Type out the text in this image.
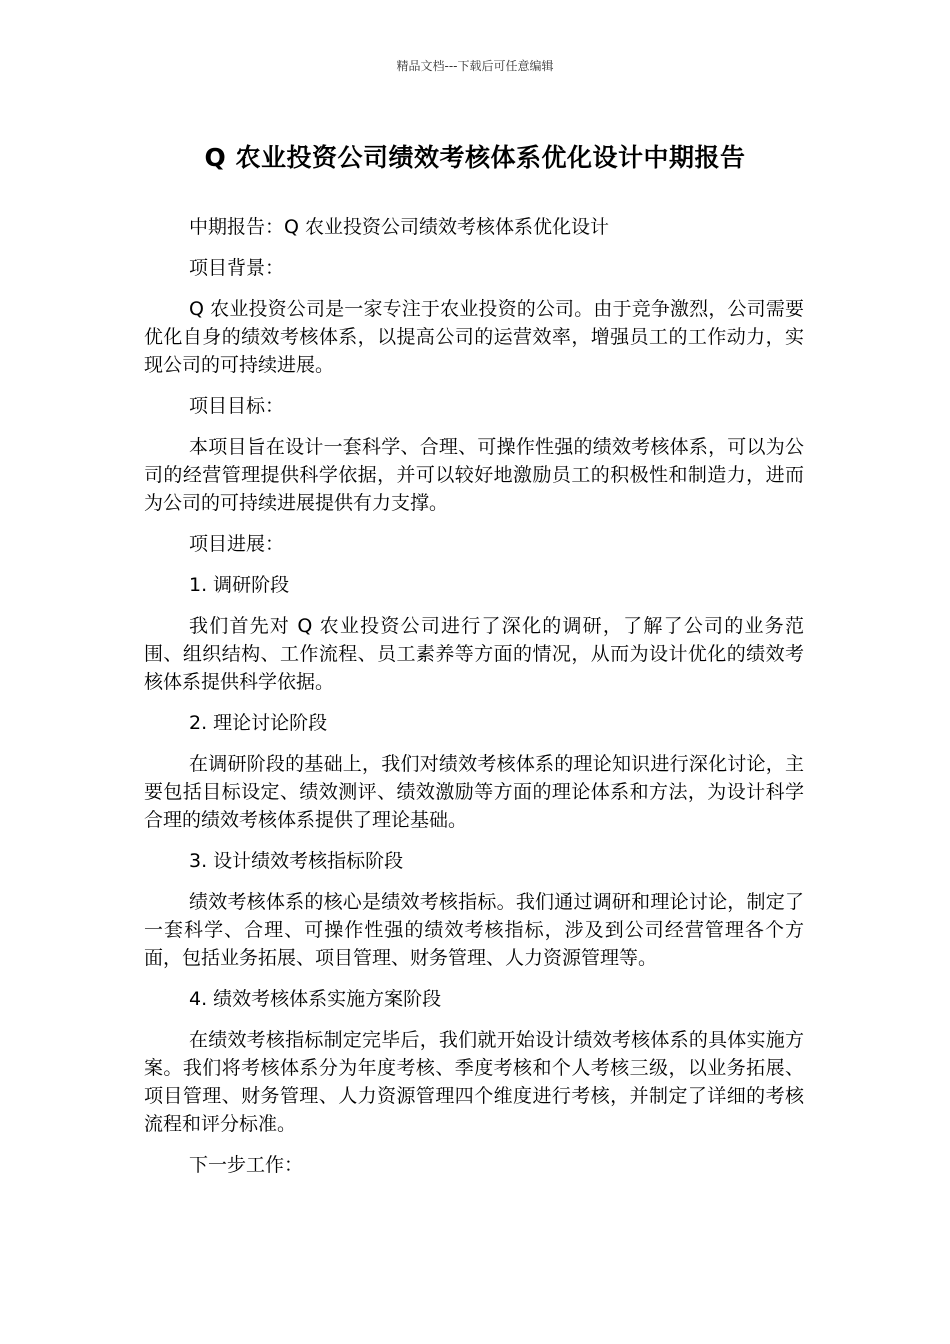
精品文档---下载后可任意编辑
Q 农业投资公司绩效考核体系优化设计中期报告

中期报告：Q 农业投资公司绩效考核体系优化设计

项目背景：

Q 农业投资公司是一家专注于农业投资的公司。由于竞争激烈，公司需要优化自身的绩效考核体系，以提高公司的运营效率，增强员工的工作动力，实现公司的可持续进展。

项目目标：

本项目旨在设计一套科学、合理、可操作性强的绩效考核体系，可以为公司的经营管理提供科学依据，并可以较好地激励员工的积极性和制造力，进而为公司的可持续进展提供有力支撑。

项目进展：

1. 调研阶段

我们首先对 Q 农业投资公司进行了深化的调研，了解了公司的业务范围、组织结构、工作流程、员工素养等方面的情况，从而为设计优化的绩效考核体系提供科学依据。

2. 理论讨论阶段

在调研阶段的基础上，我们对绩效考核体系的理论知识进行深化讨论，主要包括目标设定、绩效测评、绩效激励等方面的理论体系和方法，为设计科学合理的绩效考核体系提供了理论基础。

3. 设计绩效考核指标阶段

绩效考核体系的核心是绩效考核指标。我们通过调研和理论讨论，制定了一套科学、合理、可操作性强的绩效考核指标，涉及到公司经营管理各个方面，包括业务拓展、项目管理、财务管理、人力资源管理等。

4. 绩效考核体系实施方案阶段

在绩效考核指标制定完毕后，我们就开始设计绩效考核体系的具体实施方案。我们将考核体系分为年度考核、季度考核和个人考核三级，以业务拓展、项目管理、财务管理、人力资源管理四个维度进行考核，并制定了详细的考核流程和评分标准。

下一步工作：
